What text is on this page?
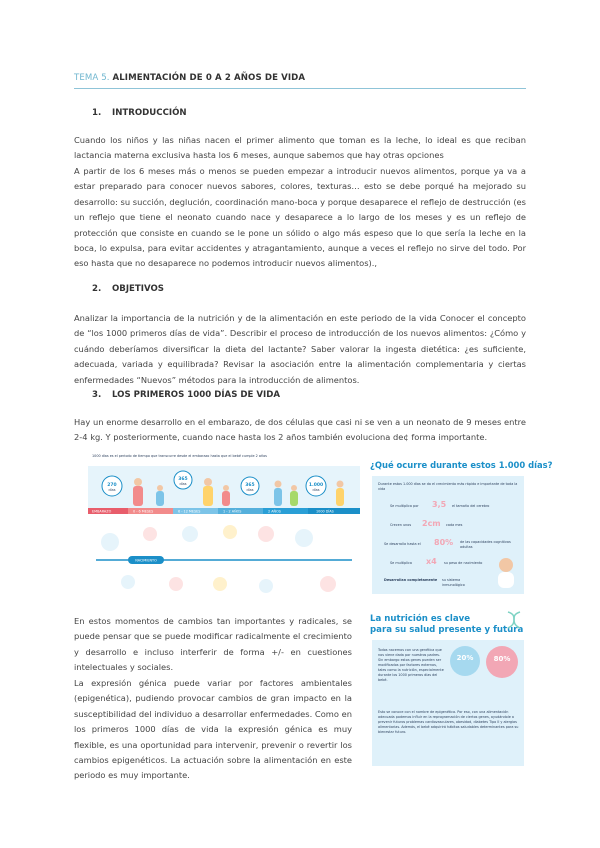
TEMA 5. ALIMENTACIÓN DE 0 A 2 AÑOS DE VIDA
1. INTRODUCCIÓN
Cuando los niños y las niñas nacen el primer alimento que toman es la leche, lo ideal es que reciban lactancia materna exclusiva hasta los 6 meses, aunque sabemos que hay otras opciones
A partir de los 6 meses más o menos se pueden empezar a introducir nuevos alimentos, porque ya va a estar preparado para conocer nuevos sabores, colores, texturas… esto se debe porqué ha mejorado su desarrollo: su succión, deglución, coordinación mano-boca y porque desaparece el reflejo de destrucción (es un reflejo que tiene el neonato cuando nace y desaparece a lo largo de los meses y es un reflejo de protección que consiste en cuando se le pone un sólido o algo más espeso que lo que sería la leche en la boca, lo expulsa, para evitar accidentes y atragantamiento, aunque a veces el reflejo no sirve del todo. Por eso hasta que no desaparece no podemos introducir nuevos alimentos).,
2. OBJETIVOS
Analizar la importancia de la nutrición y de la alimentación en este periodo de la vida Conocer el concepto de “los 1000 primeros días de vida”. Describir el proceso de introducción de los nuevos alimentos: ¿Cómo y cuándo deberíamos diversificar la dieta del lactante? Saber valorar la ingesta dietética: ¿es suficiente, adecuada, variada y equilibrada? Revisar la asociación entre la alimentación complementaria y ciertas enfermedades “Nuevos” métodos para la introducción de alimentos.
3. LOS PRIMEROS 1000 DÍAS DE VIDA
Hay un enorme desarrollo en el embarazo, de dos células que casi ni se ven a un neonato de 9 meses entre 2-4 kg. Y posteriormente, cuando nace hasta los 2 años también evoluciona de¢ forma importante.
1000 días es el periodo de tiempo que transcurre desde el embarazo hasta que el bebé cumple 2 años
270
días
365
días	365
días
1.000
días
EMBARAZO	0 - 6 MESES	6 - 12 MESES	1 - 2 AÑOS	2 AÑOS	1000 DÍAS
NACIMIENTO
¿Qué ocurre durante estos 1.000 días?
Durante estos 1.000 días se da el crecimiento más rápido e importante de toda la vida
Se multiplica por 3,5 el tamaño del cerebro
Crecen unos 2cm cada mes
Se desarrolla hasta el 80% de las capacidades cognitivas adultas
Se multiplica x4 su peso de nacimiento
Desarrollan completamente su sistema inmunológico
En estos momentos de cambios tan importantes y radicales, se puede pensar que se puede modificar radicalmente el crecimiento y desarrollo e incluso interferir de forma +/- en cuestiones intelectuales y sociales.
La expresión génica puede variar por factores ambientales (epigenética), pudiendo provocar cambios de gran impacto en la susceptibilidad del individuo a desarrollar enfermedades. Como en los primeros 1000 días de vida la expresión génica es muy flexible, es una oportunidad para intervenir, prevenir o revertir los cambios epigenéticos. La actuación sobre la alimentación en este periodo es muy importante.
La nutrición es clave
para su salud presente y futura
Todos nacemos con una genética que nos viene dada por nuestros padres. Sin embargo estos genes pueden ser modificados por factores externos, tales como la nutrición, especialmente durante los 1000 primeros días del bebé.
Esto se conoce con el nombre de epigenética. Por eso, con una alimentación adecuada podemos influir en la reprogramación de ciertos genes, ayudándole a prevenir futuros problemas cardiovasculares, obesidad, diabetes Tipo II y alergias alimentarias. Además, el bebé adquirirá hábitos saludables determinantes para su bienestar futuro.
20%	80%
